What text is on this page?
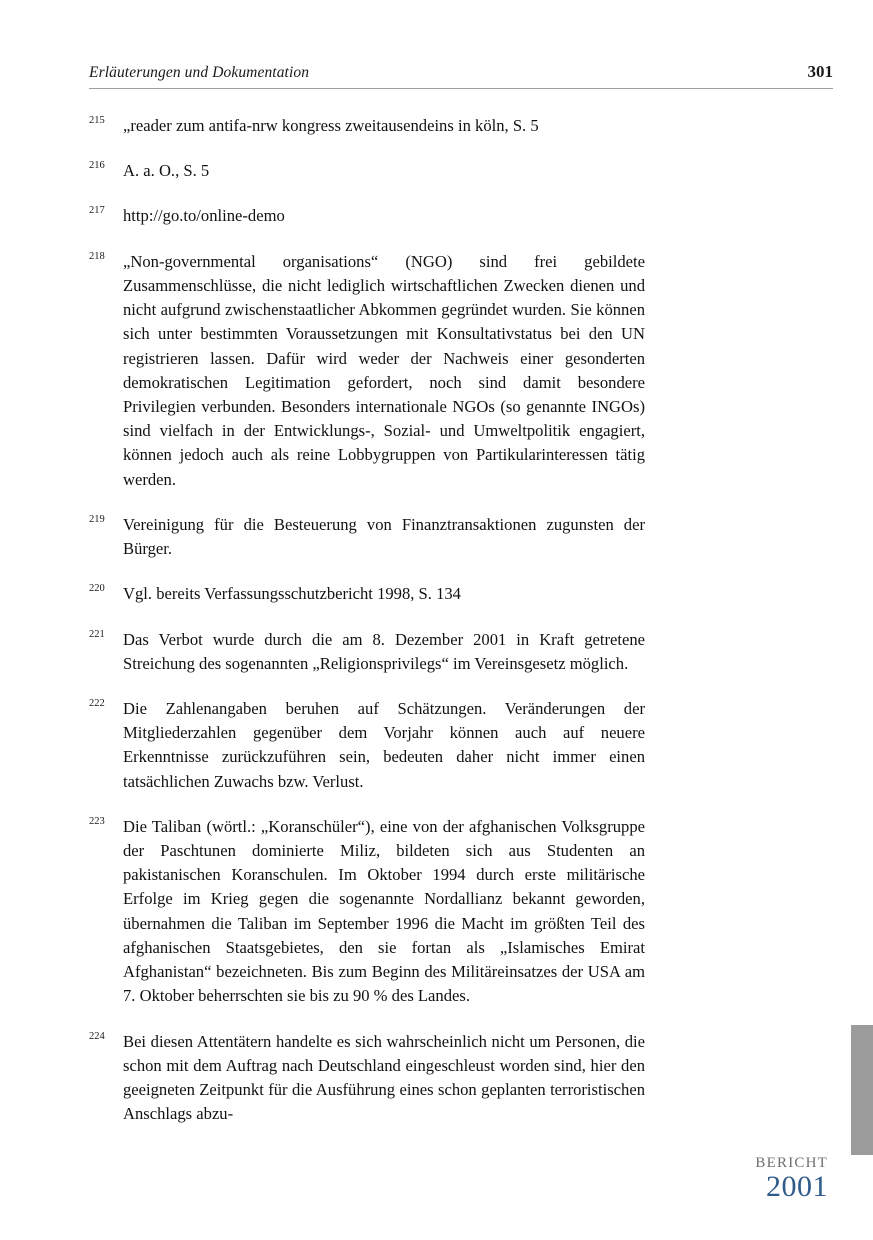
Erläuterungen und Dokumentation	301
215	„reader zum antifa-nrw kongress zweitausendeins in köln, S. 5
216	A. a. O., S. 5
217	http://go.to/online-demo
218	„Non-governmental organisations“ (NGO) sind frei gebildete Zusammenschlüsse, die nicht lediglich wirtschaftlichen Zwecken dienen und nicht aufgrund zwischenstaatlicher Abkommen gegründet wurden. Sie können sich unter bestimmten Voraussetzungen mit Konsultativstatus bei den UN registrieren lassen. Dafür wird weder der Nachweis einer gesonderten demokratischen Legitimation gefordert, noch sind damit besondere Privilegien verbunden. Besonders internationale NGOs (so genannte INGOs) sind vielfach in der Entwicklungs-, Sozial- und Umweltpolitik engagiert, können jedoch auch als reine Lobbygruppen von Partikularinteressen tätig werden.
219	Vereinigung für die Besteuerung von Finanztransaktionen zugunsten der Bürger.
220	Vgl. bereits Verfassungsschutzbericht 1998, S. 134
221	Das Verbot wurde durch die am 8. Dezember 2001 in Kraft getretene Streichung des sogenannten „Religionsprivilegs“ im Vereinsgesetz möglich.
222	Die Zahlenangaben beruhen auf Schätzungen. Veränderungen der Mitgliederzahlen gegenüber dem Vorjahr können auch auf neuere Erkenntnisse zurückzuführen sein, bedeuten daher nicht immer einen tatsächlichen Zuwachs bzw. Verlust.
223	Die Taliban (wörtl.: „Koranschüler“), eine von der afghanischen Volksgruppe der Paschtunen dominierte Miliz, bildeten sich aus Studenten an pakistanischen Koranschulen. Im Oktober 1994 durch erste militärische Erfolge im Krieg gegen die sogenannte Nordallianz bekannt geworden, übernahmen die Taliban im September 1996 die Macht im größten Teil des afghanischen Staatsgebietes, den sie fortan als „Islamisches Emirat Afghanistan“ bezeichneten. Bis zum Beginn des Militäreinsatzes der USA am 7. Oktober beherrschten sie bis zu 90 % des Landes.
224	Bei diesen Attentätern handelte es sich wahrscheinlich nicht um Personen, die schon mit dem Auftrag nach Deutschland eingeschleust worden sind, hier den geeigneten Zeitpunkt für die Ausführung eines schon geplanten terroristischen Anschlags abzu-
BERICHT
2001
